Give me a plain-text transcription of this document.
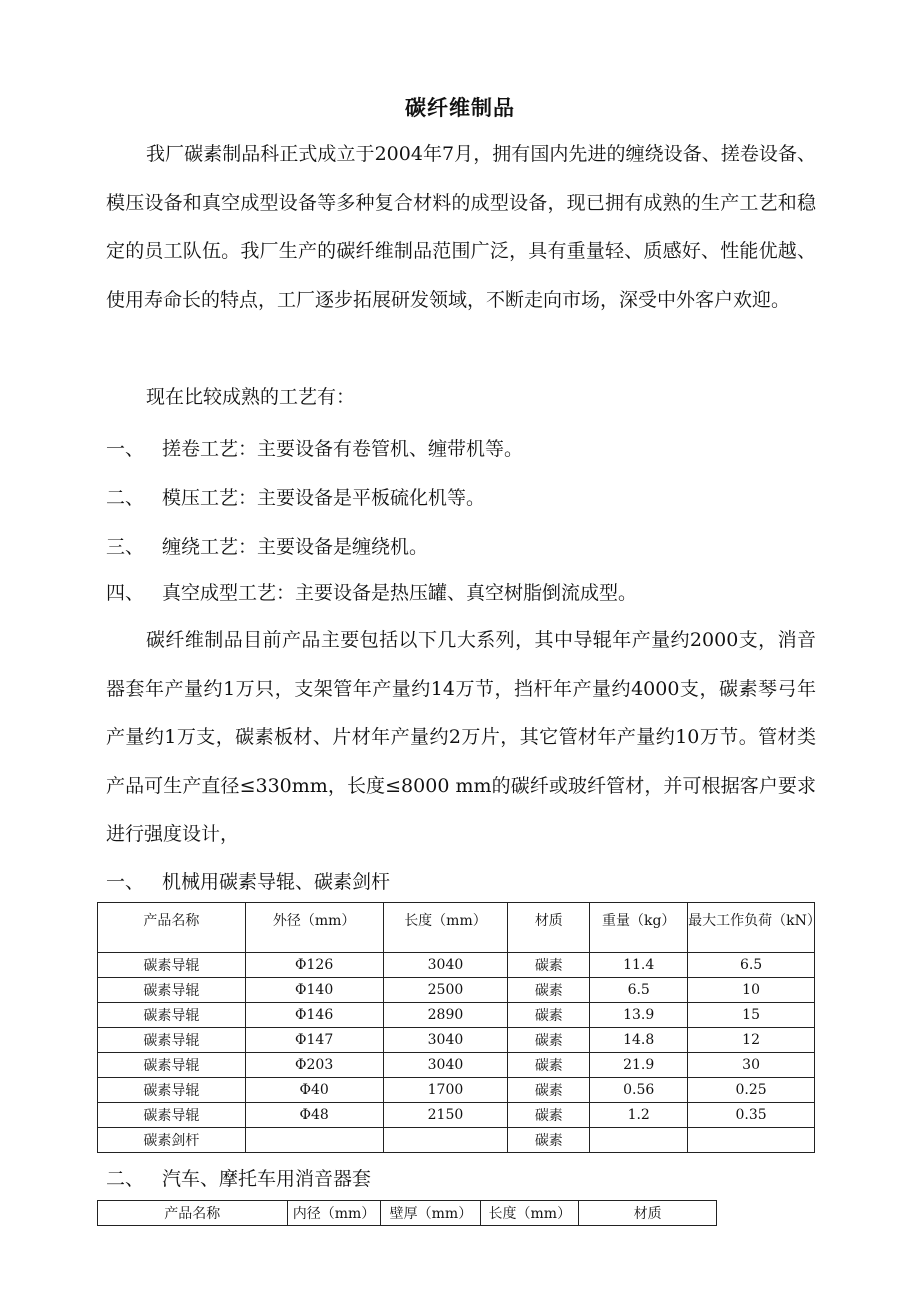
碳纤维制品

我厂碳素制品科正式成立于2004年7月，拥有国内先进的缠绕设备、搓卷设备、模压设备和真空成型设备等多种复合材料的成型设备，现已拥有成熟的生产工艺和稳定的员工队伍。我厂生产的碳纤维制品范围广泛，具有重量轻、质感好、性能优越、使用寿命长的特点，工厂逐步拓展研发领域，不断走向市场，深受中外客户欢迎。

现在比较成熟的工艺有：

一、 搓卷工艺：主要设备有卷管机、缠带机等。
二、 模压工艺：主要设备是平板硫化机等。
三、 缠绕工艺：主要设备是缠绕机。
四、 真空成型工艺：主要设备是热压罐、真空树脂倒流成型。

碳纤维制品目前产品主要包括以下几大系列，其中导辊年产量约2000支，消音器套年产量约1万只，支架管年产量约14万节，挡杆年产量约4000支，碳素琴弓年产量约1万支，碳素板材、片材年产量约2万片，其它管材年产量约10万节。管材类产品可生产直径≤330mm，长度≤8000 mm的碳纤或玻纤管材，并可根据客户要求进行强度设计，

一、 机械用碳素导辊、碳素剑杆
产品名称	外径（mm）	长度（mm）	材质	重量（kg）	最大工作负荷（kN）
碳素导辊	Φ126	3040	碳素	11.4	6.5
碳素导辊	Φ140	2500	碳素	6.5	10
碳素导辊	Φ146	2890	碳素	13.9	15
碳素导辊	Φ147	3040	碳素	14.8	12
碳素导辊	Φ203	3040	碳素	21.9	30
碳素导辊	Φ40	1700	碳素	0.56	0.25
碳素导辊	Φ48	2150	碳素	1.2	0.35
碳素剑杆			碳素		
二、 汽车、摩托车用消音器套
产品名称	内径（mm）	壁厚（mm）	长度（mm）	材质
